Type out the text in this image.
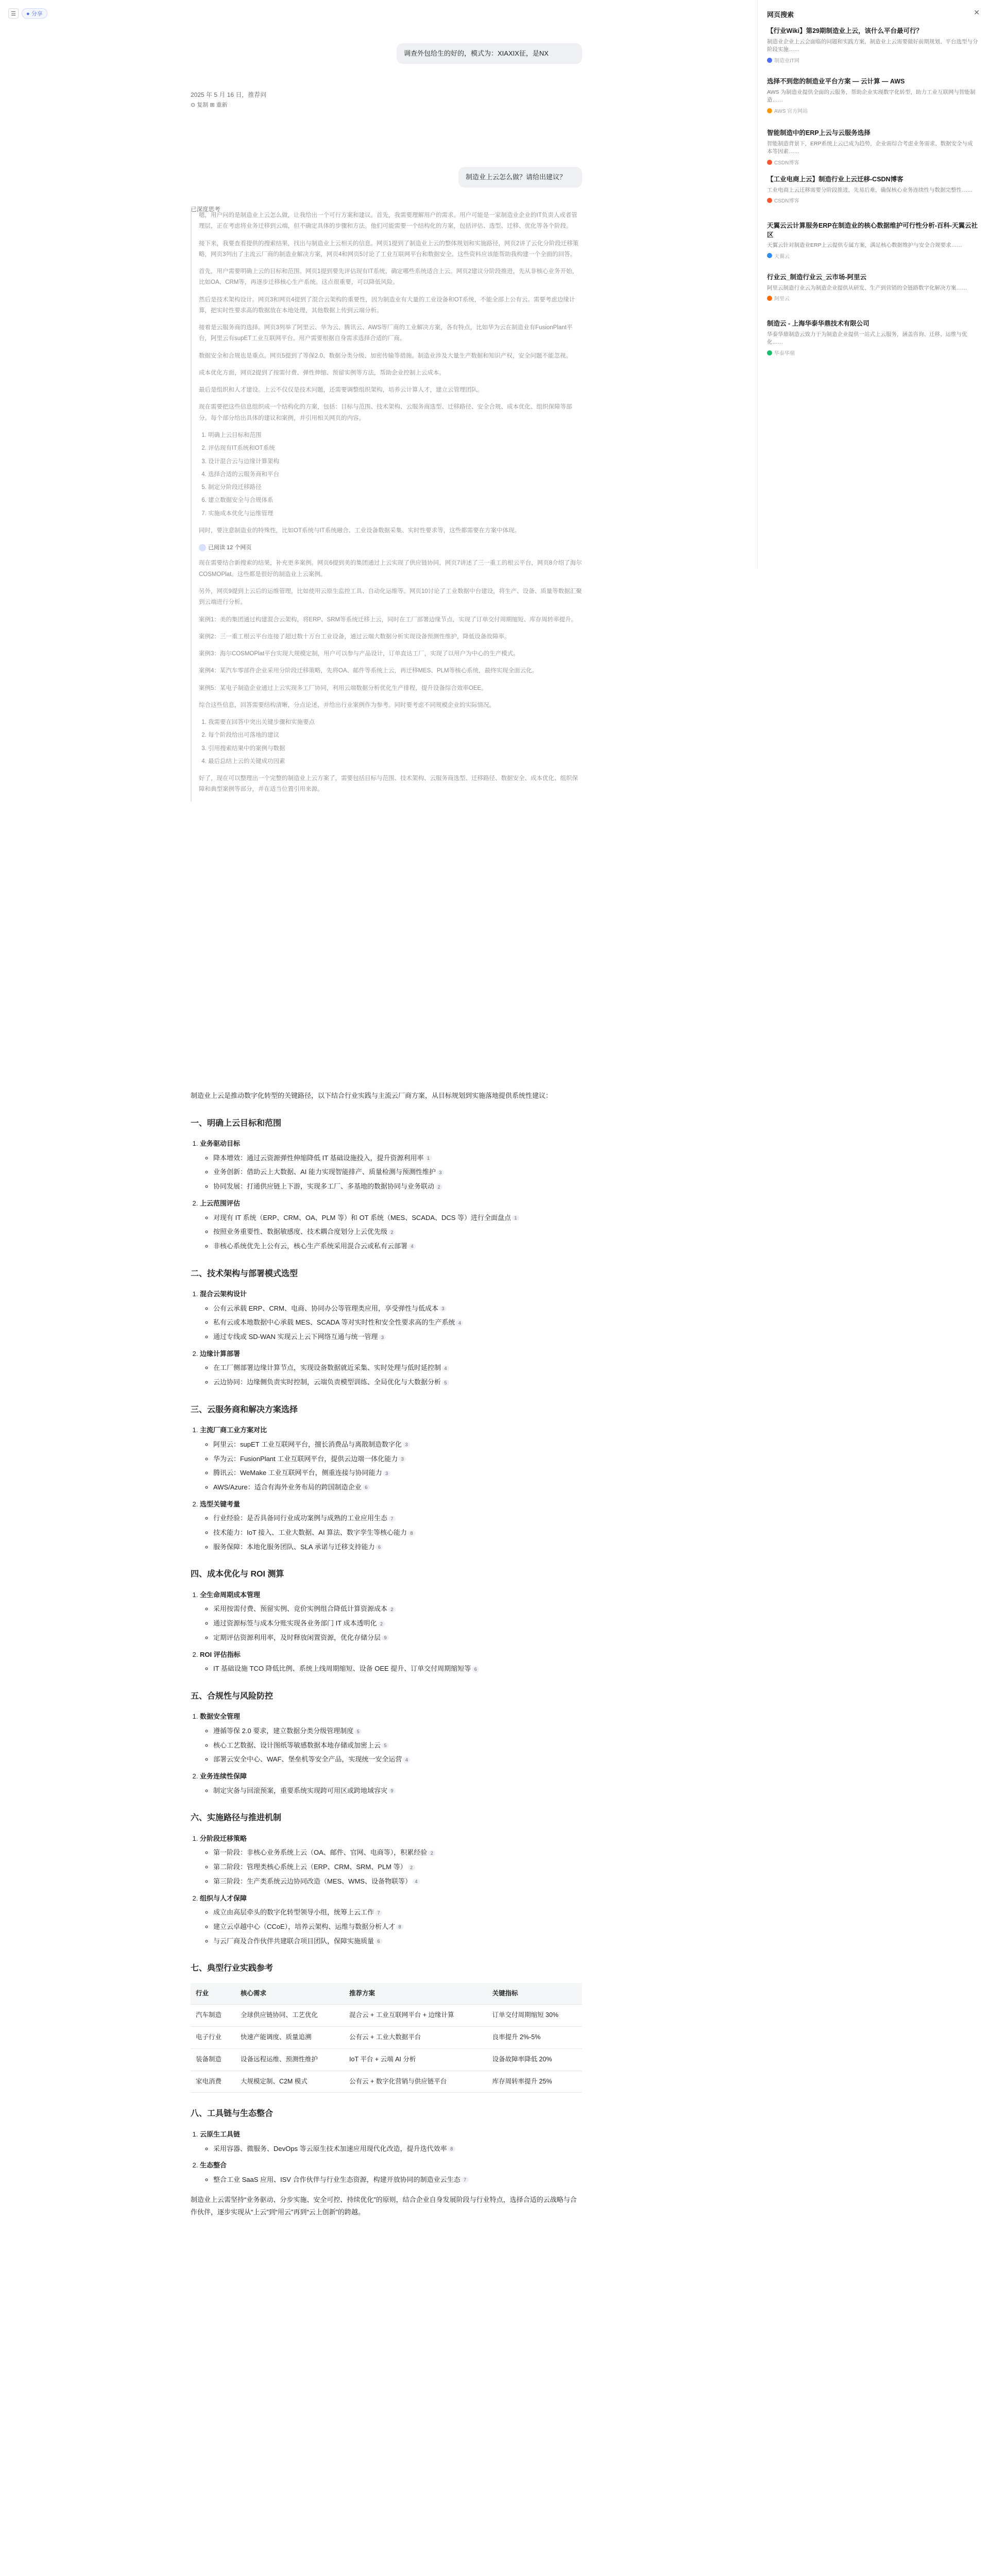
☰	● 分享
调查外包给生的好的，模式为：XIAXIX征，是NX
2025 年 5 月 16 日，推荐问
⊙ 复制 ⊞ 重新
制造业上云怎么做？请给出建议？
已深度思考

嗯，用户问的是制造业上云怎么做，让我给出一个可行方案和建议。首先，我需要理解用户的需求。用户可能是一家制造业企业的IT负责人或者管理层，正在考虑将业务迁移到云端，但不确定具体的步骤和方法。他们可能需要一个结构化的方案，包括评估、选型、迁移、优化等各个阶段。

接下来，我要查看提供的搜索结果，找出与制造业上云相关的信息。网页1提到了制造业上云的整体规划和实施路径，网页2讲了云化分阶段迁移策略，网页3列出了主流云厂商的制造业解决方案，网页4和网页5讨论了工业互联网平台和数据安全。这些资料应该能帮助我构建一个全面的回答。

首先，用户需要明确上云的目标和范围。网页1提到要先评估现有IT系统，确定哪些系统适合上云。网页2建议分阶段推进，先从非核心业务开始，比如OA、CRM等，再逐步迁移核心生产系统。这点很重要，可以降低风险。

然后是技术架构设计。网页3和网页4提到了混合云架构的重要性，因为制造业有大量的工业设备和OT系统，不能全部上公有云。需要考虑边缘计算，把实时性要求高的数据放在本地处理，其他数据上传到云端分析。

接着是云服务商的选择。网页3列举了阿里云、华为云、腾讯云、AWS等厂商的工业解决方案，各有特点，比如华为云在制造业有FusionPlant平台，阿里云有supET工业互联网平台。用户需要根据自身需求选择合适的厂商。

数据安全和合规也是重点。网页5提到了等保2.0、数据分类分级、加密传输等措施。制造业涉及大量生产数据和知识产权，安全问题不能忽视。

成本优化方面，网页2提到了按需付费、弹性伸缩、预留实例等方法，帮助企业控制上云成本。

最后是组织和人才建设。上云不仅仅是技术问题，还需要调整组织架构，培养云计算人才，建立云管理团队。

现在需要把这些信息组织成一个结构化的方案，包括：目标与范围、技术架构、云服务商选型、迁移路径、安全合规、成本优化、组织保障等部分。每个部分给出具体的建议和案例，并引用相关网页的内容。

1. 明确上云目标和范围
2. 评估现有IT系统和OT系统
3. 设计混合云与边缘计算架构
4. 选择合适的云服务商和平台
5. 制定分阶段迁移路径
6. 建立数据安全与合规体系
7. 实施成本优化与运维管理

同时，要注意制造业的特殊性，比如OT系统与IT系统融合、工业设备数据采集、实时性要求等，这些都需要在方案中体现。

已阅读 12 个网页

现在需要结合新搜索的结果，补充更多案例。网页6提到美的集团通过上云实现了供应链协同，网页7讲述了三一重工的根云平台，网页8介绍了海尔COSMOPlat。这些都是很好的制造业上云案例。

另外，网页9提到上云后的运维管理，比如使用云原生监控工具、自动化运维等。网页10讨论了工业数据中台建设，将生产、设备、质量等数据汇聚到云端进行分析。

案例1：美的集团通过构建混合云架构，将ERP、SRM等系统迁移上云，同时在工厂部署边缘节点，实现了订单交付周期缩短、库存周转率提升。

案例2：三一重工根云平台连接了超过数十万台工业设备，通过云端大数据分析实现设备预测性维护，降低设备故障率。

案例3：海尔COSMOPlat平台实现大规模定制，用户可以参与产品设计，订单直达工厂，实现了以用户为中心的生产模式。

案例4：某汽车零部件企业采用分阶段迁移策略，先将OA、邮件等系统上云，再迁移MES、PLM等核心系统，最终实现全面云化。

案例5：某电子制造企业通过上云实现多工厂协同，利用云端数据分析优化生产排程，提升设备综合效率OEE。

综合这些信息，回答需要结构清晰，分点论述，并给出行业案例作为参考。同时要考虑不同规模企业的实际情况。

1. 我需要在回答中突出关键步骤和实施要点
2. 每个阶段给出可落地的建议
3. 引用搜索结果中的案例与数据
4. 最后总结上云的关键成功因素

好了，现在可以整理出一个完整的制造业上云方案了，需要包括目标与范围、技术架构、云服务商选型、迁移路径、数据安全、成本优化、组织保障和典型案例等部分，并在适当位置引用来源。

制造业上云是推动数字化转型的关键路径，以下结合行业实践与主流云厂商方案，从目标规划到实施落地提供系统性建议：

一、明确上云目标和范围
1. 业务驱动目标
◦ 降本增效：通过云资源弹性伸缩降低 IT 基础设施投入，提升资源利用率 1
◦ 业务创新：借助云上大数据、AI 能力实现智能排产、质量检测与预测性维护 3
◦ 协同发展：打通供应链上下游，实现多工厂、多基地的数据协同与业务联动 2
2. 上云范围评估
◦ 对现有 IT 系统（ERP、CRM、OA、PLM 等）和 OT 系统（MES、SCADA、DCS 等）进行全面盘点 1
◦ 按照业务重要性、数据敏感度、技术耦合度划分上云优先级 2
◦ 非核心系统优先上公有云，核心生产系统采用混合云或私有云部署 4
二、技术架构与部署模式选型
1. 混合云架构设计
◦ 公有云承载 ERP、CRM、电商、协同办公等管理类应用，享受弹性与低成本 3
◦ 私有云或本地数据中心承载 MES、SCADA 等对实时性和安全性要求高的生产系统 4
◦ 通过专线或 SD-WAN 实现云上云下网络互通与统一管理 3
2. 边缘计算部署
◦ 在工厂侧部署边缘计算节点，实现设备数据就近采集、实时处理与低时延控制 4
◦ 云边协同：边缘侧负责实时控制，云端负责模型训练、全局优化与大数据分析 5
三、云服务商和解决方案选择
1. 主流厂商工业方案对比
◦ 阿里云：supET 工业互联网平台，擅长消费品与离散制造数字化 3
◦ 华为云：FusionPlant 工业互联网平台，提供云边端一体化能力 3
◦ 腾讯云：WeMake 工业互联网平台，侧重连接与协同能力 3
◦ AWS/Azure：适合有海外业务布局的跨国制造企业 6
2. 选型关键考量
◦ 行业经验：是否具备同行业成功案例与成熟的工业应用生态 7
◦ 技术能力：IoT 接入、工业大数据、AI 算法、数字孪生等核心能力 8
◦ 服务保障：本地化服务团队、SLA 承诺与迁移支持能力 6
四、成本优化与 ROI 测算
1. 全生命周期成本管理
◦ 采用按需付费、预留实例、竞价实例组合降低计算资源成本 2
◦ 通过资源标签与成本分账实现各业务部门 IT 成本透明化 2
◦ 定期评估资源利用率，及时释放闲置资源，优化存储分层 9
2. ROI 评估指标
◦ IT 基础设施 TCO 降低比例、系统上线周期缩短、设备 OEE 提升、订单交付周期缩短等 6
五、合规性与风险防控
1. 数据安全管理
◦ 遵循等保 2.0 要求，建立数据分类分级管理制度 5
◦ 核心工艺数据、设计图纸等敏感数据本地存储或加密上云 5
◦ 部署云安全中心、WAF、堡垒机等安全产品，实现统一安全运营 4
2. 业务连续性保障
◦ 制定灾备与回滚预案，重要系统实现跨可用区或跨地域容灾 9
六、实施路径与推进机制
1. 分阶段迁移策略
◦ 第一阶段：非核心业务系统上云（OA、邮件、官网、电商等），积累经验 2
◦ 第二阶段：管理类核心系统上云（ERP、CRM、SRM、PLM 等） 2
◦ 第三阶段：生产类系统云边协同改造（MES、WMS、设备物联等） 4
2. 组织与人才保障
◦ 成立由高层牵头的数字化转型领导小组，统筹上云工作 7
◦ 建立云卓越中心（CCoE），培养云架构、运维与数据分析人才 8
◦ 与云厂商及合作伙伴共建联合项目团队，保障实施质量 6
七、典型行业实践参考
行业	核心需求	推荐方案	关键指标
汽车制造	全球供应链协同、工艺优化	混合云 + 工业互联网平台 + 边缘计算	订单交付周期缩短 30%
电子行业	快速产能调度、质量追溯	公有云 + 工业大数据平台	良率提升 2%-5%
装备制造	设备远程运维、预测性维护	IoT 平台 + 云端 AI 分析	设备故障率降低 20%
家电消费	大规模定制、C2M 模式	公有云 + 数字化营销与供应链平台	库存周转率提升 25%
八、工具链与生态整合
1. 云原生工具链
◦ 采用容器、微服务、DevOps 等云原生技术加速应用现代化改造，提升迭代效率 8
2. 生态整合
◦ 整合工业 SaaS 应用、ISV 合作伙伴与行业生态资源，构建开放协同的制造业云生态 7

制造业上云需坚持“业务驱动、分步实施、安全可控、持续优化”的原则，结合企业自身发展阶段与行业特点，选择合适的云战略与合作伙伴，逐步实现从“上云”到“用云”再到“云上创新”的跨越。

网页搜索	✕
【行业Wiki】第29期制造业上云，该什么平台最可行？
制造业企业上云会面临的问题和实践方案，制造业上云需要做好前期规划、平台选型与分阶段实施……
制造业IT网
选择不到您的制造业平台方案 — 云计算 — AWS
AWS 为制造业提供全面的云服务，帮助企业实现数字化转型，助力工业互联网与智能制造……
AWS 官方网站
智能制造中的ERP上云与云服务选择
智能制造背景下，ERP系统上云已成为趋势，企业需综合考虑业务需求、数据安全与成本等因素……
CSDN博客
【工业电商上云】制造行业上云迁移-CSDN博客
工业电商上云迁移需要分阶段推进，先易后难，确保核心业务连续性与数据完整性……
CSDN博客
天翼云云计算服务ERP在制造业的核心数据维护可行性分析-百科-天翼云社区
天翼云针对制造业ERP上云提供专属方案，满足核心数据维护与安全合规要求……
天翼云
行业云_制造行业云_云市场-阿里云
阿里云制造行业云为制造企业提供从研发、生产到营销的全链路数字化解决方案……
阿里云
制造云 - 上海华泰华鼎技术有限公司
华泰华鼎制造云致力于为制造企业提供一站式上云服务，涵盖咨询、迁移、运维与优化……
华泰华鼎
